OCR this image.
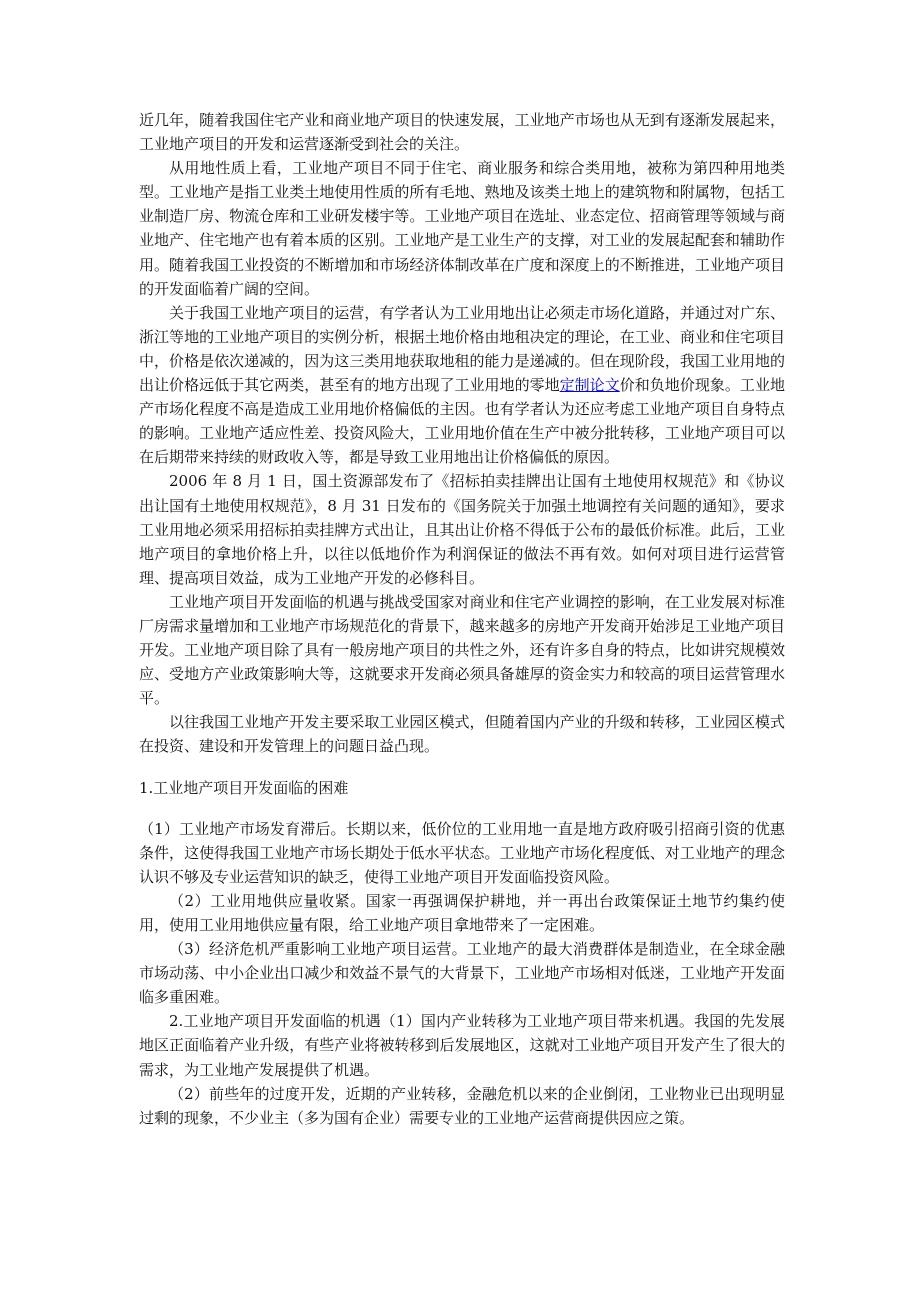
近几年，随着我国住宅产业和商业地产项目的快速发展，工业地产市场也从无到有逐渐发展起来，工业地产项目的开发和运营逐渐受到社会的关注。

从用地性质上看，工业地产项目不同于住宅、商业服务和综合类用地，被称为第四种用地类型。工业地产是指工业类土地使用性质的所有毛地、熟地及该类土地上的建筑物和附属物，包括工业制造厂房、物流仓库和工业研发楼宇等。工业地产项目在选址、业态定位、招商管理等领域与商业地产、住宅地产也有着本质的区别。工业地产是工业生产的支撑，对工业的发展起配套和辅助作用。随着我国工业投资的不断增加和市场经济体制改革在广度和深度上的不断推进，工业地产项目的开发面临着广阔的空间。

关于我国工业地产项目的运营，有学者认为工业用地出让必须走市场化道路，并通过对广东、浙江等地的工业地产项目的实例分析，根据土地价格由地租决定的理论，在工业、商业和住宅项目中，价格是依次递减的，因为这三类用地获取地租的能力是递减的。但在现阶段，我国工业用地的出让价格远低于其它两类，甚至有的地方出现了工业用地的零地定制论文价和负地价现象。工业地产市场化程度不高是造成工业用地价格偏低的主因。也有学者认为还应考虑工业地产项目自身特点的影响。工业地产适应性差、投资风险大，工业用地价值在生产中被分批转移，工业地产项目可以在后期带来持续的财政收入等，都是导致工业用地出让价格偏低的原因。

2006 年 8 月 1 日，国土资源部发布了《招标拍卖挂牌出让国有土地使用权规范》和《协议出让国有土地使用权规范》，8 月 31 日发布的《国务院关于加强土地调控有关问题的通知》，要求工业用地必须采用招标拍卖挂牌方式出让，且其出让价格不得低于公布的最低价标准。此后，工业地产项目的拿地价格上升，以往以低地价作为利润保证的做法不再有效。如何对项目进行运营管理、提高项目效益，成为工业地产开发的必修科目。

工业地产项目开发面临的机遇与挑战受国家对商业和住宅产业调控的影响，在工业发展对标准厂房需求量增加和工业地产市场规范化的背景下，越来越多的房地产开发商开始涉足工业地产项目开发。工业地产项目除了具有一般房地产项目的共性之外，还有许多自身的特点，比如讲究规模效应、受地方产业政策影响大等，这就要求开发商必须具备雄厚的资金实力和较高的项目运营管理水平。

以往我国工业地产开发主要采取工业园区模式，但随着国内产业的升级和转移，工业园区模式在投资、建设和开发管理上的问题日益凸现。

1.工业地产项目开发面临的困难

（1）工业地产市场发育滞后。长期以来，低价位的工业用地一直是地方政府吸引招商引资的优惠条件，这使得我国工业地产市场长期处于低水平状态。工业地产市场化程度低、对工业地产的理念认识不够及专业运营知识的缺乏，使得工业地产项目开发面临投资风险。

（2）工业用地供应量收紧。国家一再强调保护耕地，并一再出台政策保证土地节约集约使用，使用工业用地供应量有限，给工业地产项目拿地带来了一定困难。

（3）经济危机严重影响工业地产项目运营。工业地产的最大消费群体是制造业，在全球金融市场动荡、中小企业出口减少和效益不景气的大背景下，工业地产市场相对低迷，工业地产开发面临多重困难。

2.工业地产项目开发面临的机遇（1）国内产业转移为工业地产项目带来机遇。我国的先发展地区正面临着产业升级，有些产业将被转移到后发展地区，这就对工业地产项目开发产生了很大的需求，为工业地产发展提供了机遇。

（2）前些年的过度开发，近期的产业转移，金融危机以来的企业倒闭，工业物业已出现明显过剩的现象，不少业主（多为国有企业）需要专业的工业地产运营商提供因应之策。
